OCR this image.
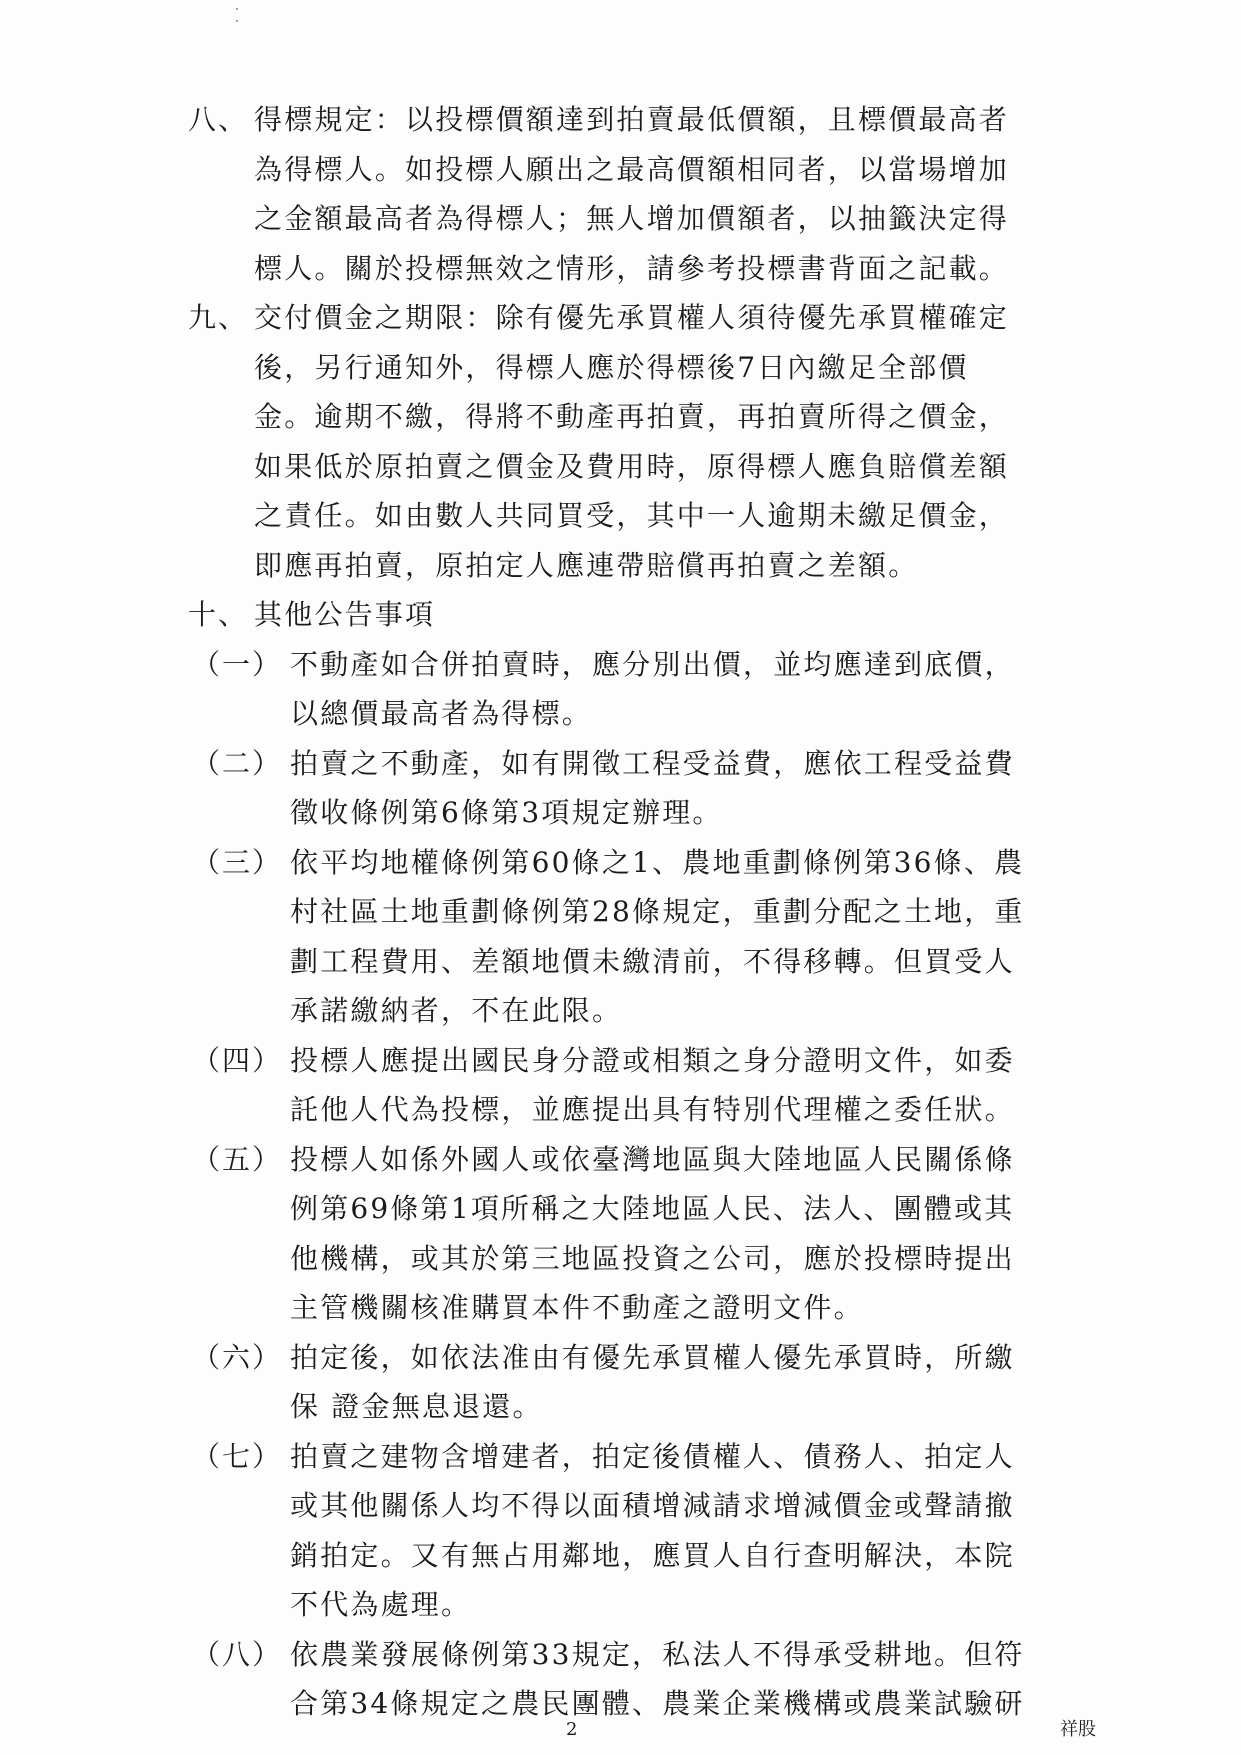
八、 得標規定：以投標價額達到拍賣最低價額，且標價最高者
為得標人。如投標人願出之最高價額相同者，以當場增加
之金額最高者為得標人；無人增加價額者，以抽籤決定得
標人。關於投標無效之情形，請參考投標書背面之記載。
九、 交付價金之期限：除有優先承買權人須待優先承買權確定
後，另行通知外，得標人應於得標後7日內繳足全部價
金。逾期不繳，得將不動產再拍賣，再拍賣所得之價金，
如果低於原拍賣之價金及費用時，原得標人應負賠償差額
之責任。如由數人共同買受，其中一人逾期未繳足價金，
即應再拍賣，原拍定人應連帶賠償再拍賣之差額。
十、 其他公告事項
（一） 不動產如合併拍賣時，應分別出價，並均應達到底價，
以總價最高者為得標。
（二） 拍賣之不動產，如有開徵工程受益費，應依工程受益費
徵收條例第6條第3項規定辦理。
（三） 依平均地權條例第60條之1、農地重劃條例第36條、農
村社區土地重劃條例第28條規定，重劃分配之土地，重
劃工程費用、差額地價未繳清前，不得移轉。但買受人
承諾繳納者，不在此限。
（四） 投標人應提出國民身分證或相類之身分證明文件，如委
託他人代為投標，並應提出具有特別代理權之委任狀。
（五） 投標人如係外國人或依臺灣地區與大陸地區人民關係條
例第69條第1項所稱之大陸地區人民、法人、團體或其
他機構，或其於第三地區投資之公司，應於投標時提出
主管機關核准購買本件不動產之證明文件。
（六） 拍定後，如依法准由有優先承買權人優先承買時，所繳
保 證金無息退還。
（七） 拍賣之建物含增建者，拍定後債權人、債務人、拍定人
或其他關係人均不得以面積增減請求增減價金或聲請撤
銷拍定。又有無占用鄰地，應買人自行查明解決，本院
不代為處理。
（八） 依農業發展條例第33規定，私法人不得承受耕地。但符
合第34條規定之農民團體、農業企業機構或農業試驗研
2	祥股
